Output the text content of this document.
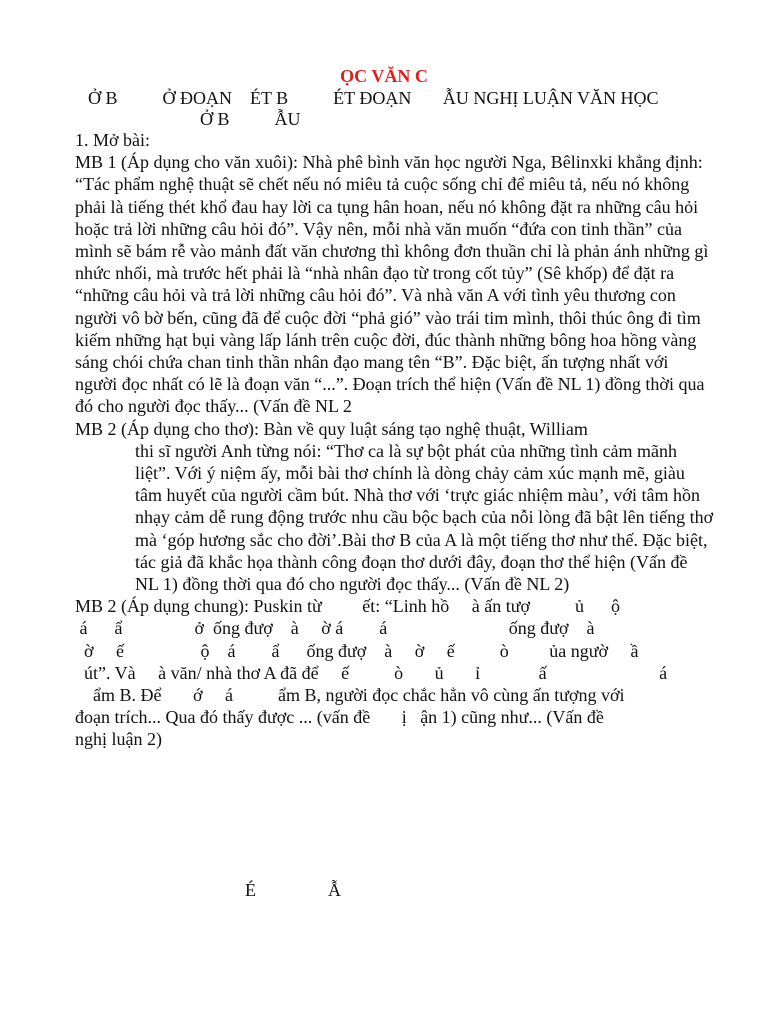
ỌC VĂN C
Ở B          Ở ĐOẠN    ÉT B          ÉT ĐOẠN       ẪU NGHỊ LUẬN VĂN HỌC
Ở B          ẪU

1. Mở bài:

MB 1 (Áp dụng cho văn xuôi): Nhà phê bình văn học người Nga, Bêlinxki khẳng định: “Tác phẩm nghệ thuật sẽ chết nếu nó miêu tả cuộc sống chỉ để miêu tả, nếu nó không phải là tiếng thét khổ đau hay lời ca tụng hân hoan, nếu nó không đặt ra những câu hỏi hoặc trả lời những câu hỏi đó”. Vậy nên, mỗi nhà văn muốn “đứa con tinh thần” của mình sẽ bám rễ vào mảnh đất văn chương thì không đơn thuần chỉ là phản ánh những gì nhức nhối, mà trước hết phải là “nhà nhân đạo từ trong cốt tủy” (Sê khốp) để đặt ra “những câu hỏi và trả lời những câu hỏi đó”. Và nhà văn A với tình yêu thương con người vô bờ bến, cũng đã để cuộc đời “phả gió” vào trái tim mình, thôi thúc ông đi tìm kiếm những hạt bụi vàng lấp lánh trên cuộc đời, đúc thành những bông hoa hồng vàng sáng chói chứa chan tinh thần nhân đạo mang tên “B”. Đặc biệt, ấn tượng nhất với người đọc nhất có lẽ là đoạn văn “...”. Đoạn trích thể hiện (Vấn đề NL 1) đồng thời qua đó cho người đọc thấy... (Vấn đề NL 2

MB 2 (Áp dụng cho thơ): Bàn về quy luật sáng tạo nghệ thuật, William

thi sĩ người Anh từng nói: “Thơ ca là sự bột phát của những tình cảm mãnh liệt”. Với ý niệm ấy, mỗi bài thơ chính là dòng chảy cảm xúc mạnh mẽ, giàu tâm huyết của người cầm bút. Nhà thơ với ‘trực giác nhiệm màu’, với tâm hồn nhạy cảm dễ rung động trước nhu cầu bộc bạch của nỗi lòng đã bật lên tiếng thơ mà ‘góp hương sắc cho đời’.Bài thơ B của A là một tiếng thơ như thế. Đặc biệt, tác giả đã khắc họa thành công đoạn thơ dưới đây, đoạn thơ thể hiện (Vấn đề NL 1) đồng thời qua đó cho người đọc thấy... (Vấn đề NL 2)

MB 2 (Áp dụng chung): Puskin từ         ết: “Linh hồ     à ấn tượ          ủ      ộ

á      ẩ                ở  ống đượ    à     ờ á        á                           ống đượ    à

ờ     ế                 ộ    á        ẩ      ống đượ    à     ờ     ế          ò         ủa ngườ     ầ

út”. Và     à văn/ nhà thơ A đã để     ế          ò       ủ       ỉ             ấ                         á

ẩm B. Để       ớ     á          ẩm B, người đọc chắc hẳn vô cùng ấn tượng với

đoạn trích... Qua đó thấy được ... (vấn đề       ị   ận 1) cũng như... (Vấn đề

nghị luận 2)

É                Ẫ
